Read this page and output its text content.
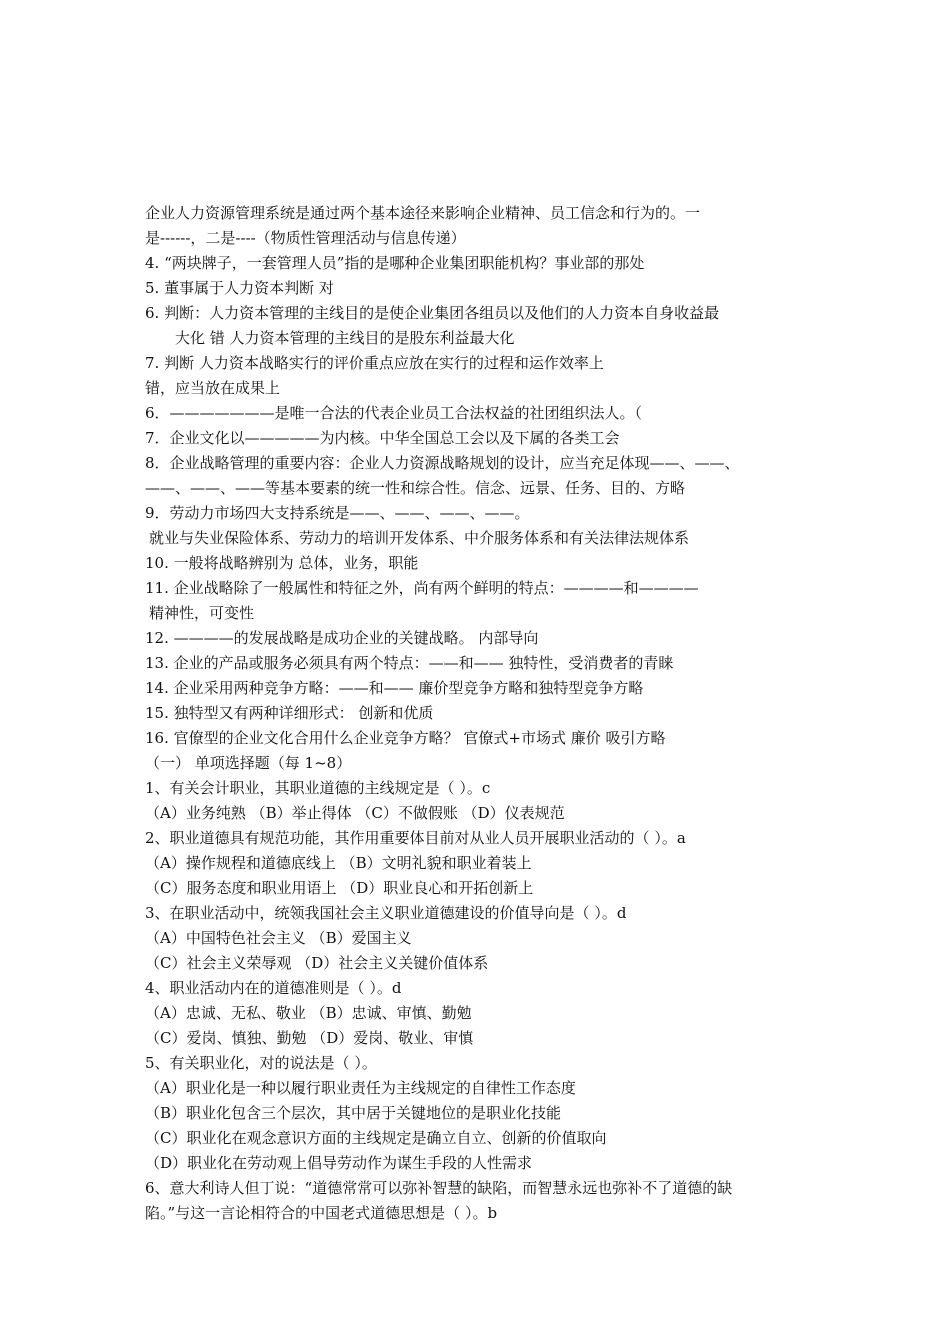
企业人力资源管理系统是通过两个基本途径来影响企业精神、员工信念和行为的。一
是------，二是----（物质性管理活动与信息传递）
4. “两块牌子，一套管理人员”指的是哪种企业集团职能机构？事业部的那处
5. 董事属于人力资本判断 对
6. 判断：人力资本管理的主线目的是使企业集团各组员以及他们的人力资本自身收益最
大化 错 人力资本管理的主线目的是股东利益最大化
7. 判断 人力资本战略实行的评价重点应放在实行的过程和运作效率上
错，应当放在成果上
6．———————是唯一合法的代表企业员工合法权益的社团组织法人。（
7．企业文化以—————为内核。中华全国总工会以及下属的各类工会
8．企业战略管理的重要内容：企业人力资源战略规划的设计，应当充足体现——、——、
——、——、——等基本要素的统一性和综合性。信念、远景、任务、目的、方略
9．劳动力市场四大支持系统是——、——、——、——。
就业与失业保险体系、劳动力的培训开发体系、中介服务体系和有关法律法规体系
10. 一般将战略辨别为 总体，业务，职能
11. 企业战略除了一般属性和特征之外，尚有两个鲜明的特点：————和————
精神性，可变性
12. ————的发展战略是成功企业的关键战略。 内部导向
13. 企业的产品或服务必须具有两个特点：——和—— 独特性，受消费者的青睐
14. 企业采用两种竞争方略：——和—— 廉价型竞争方略和独特型竞争方略
15. 独特型又有两种详细形式： 创新和优质
16. 官僚型的企业文化合用什么企业竞争方略？ 官僚式+市场式 廉价 吸引方略
（一） 单项选择题（每 1~8）
1、有关会计职业，其职业道德的主线规定是（ ）。c
（A）业务纯熟 （B）举止得体 （C）不做假账 （D）仪表规范
2、职业道德具有规范功能，其作用重要体目前对从业人员开展职业活动的（ ）。a
（A）操作规程和道德底线上 （B）文明礼貌和职业着装上
（C）服务态度和职业用语上 （D）职业良心和开拓创新上
3、在职业活动中，统领我国社会主义职业道德建设的价值导向是（ ）。d
（A）中国特色社会主义 （B）爱国主义
（C）社会主义荣辱观 （D）社会主义关键价值体系
4、职业活动内在的道德准则是（ ）。d
（A）忠诚、无私、敬业 （B）忠诚、审慎、勤勉
（C）爱岗、慎独、勤勉 （D）爱岗、敬业、审慎
5、有关职业化，对的说法是（ ）。
（A）职业化是一种以履行职业责任为主线规定的自律性工作态度
（B）职业化包含三个层次，其中居于关键地位的是职业化技能
（C）职业化在观念意识方面的主线规定是确立自立、创新的价值取向
（D）职业化在劳动观上倡导劳动作为谋生手段的人性需求
6、意大利诗人但丁说：“道德常常可以弥补智慧的缺陷，而智慧永远也弥补不了道德的缺
陷。”与这一言论相符合的中国老式道德思想是（ ）。b
